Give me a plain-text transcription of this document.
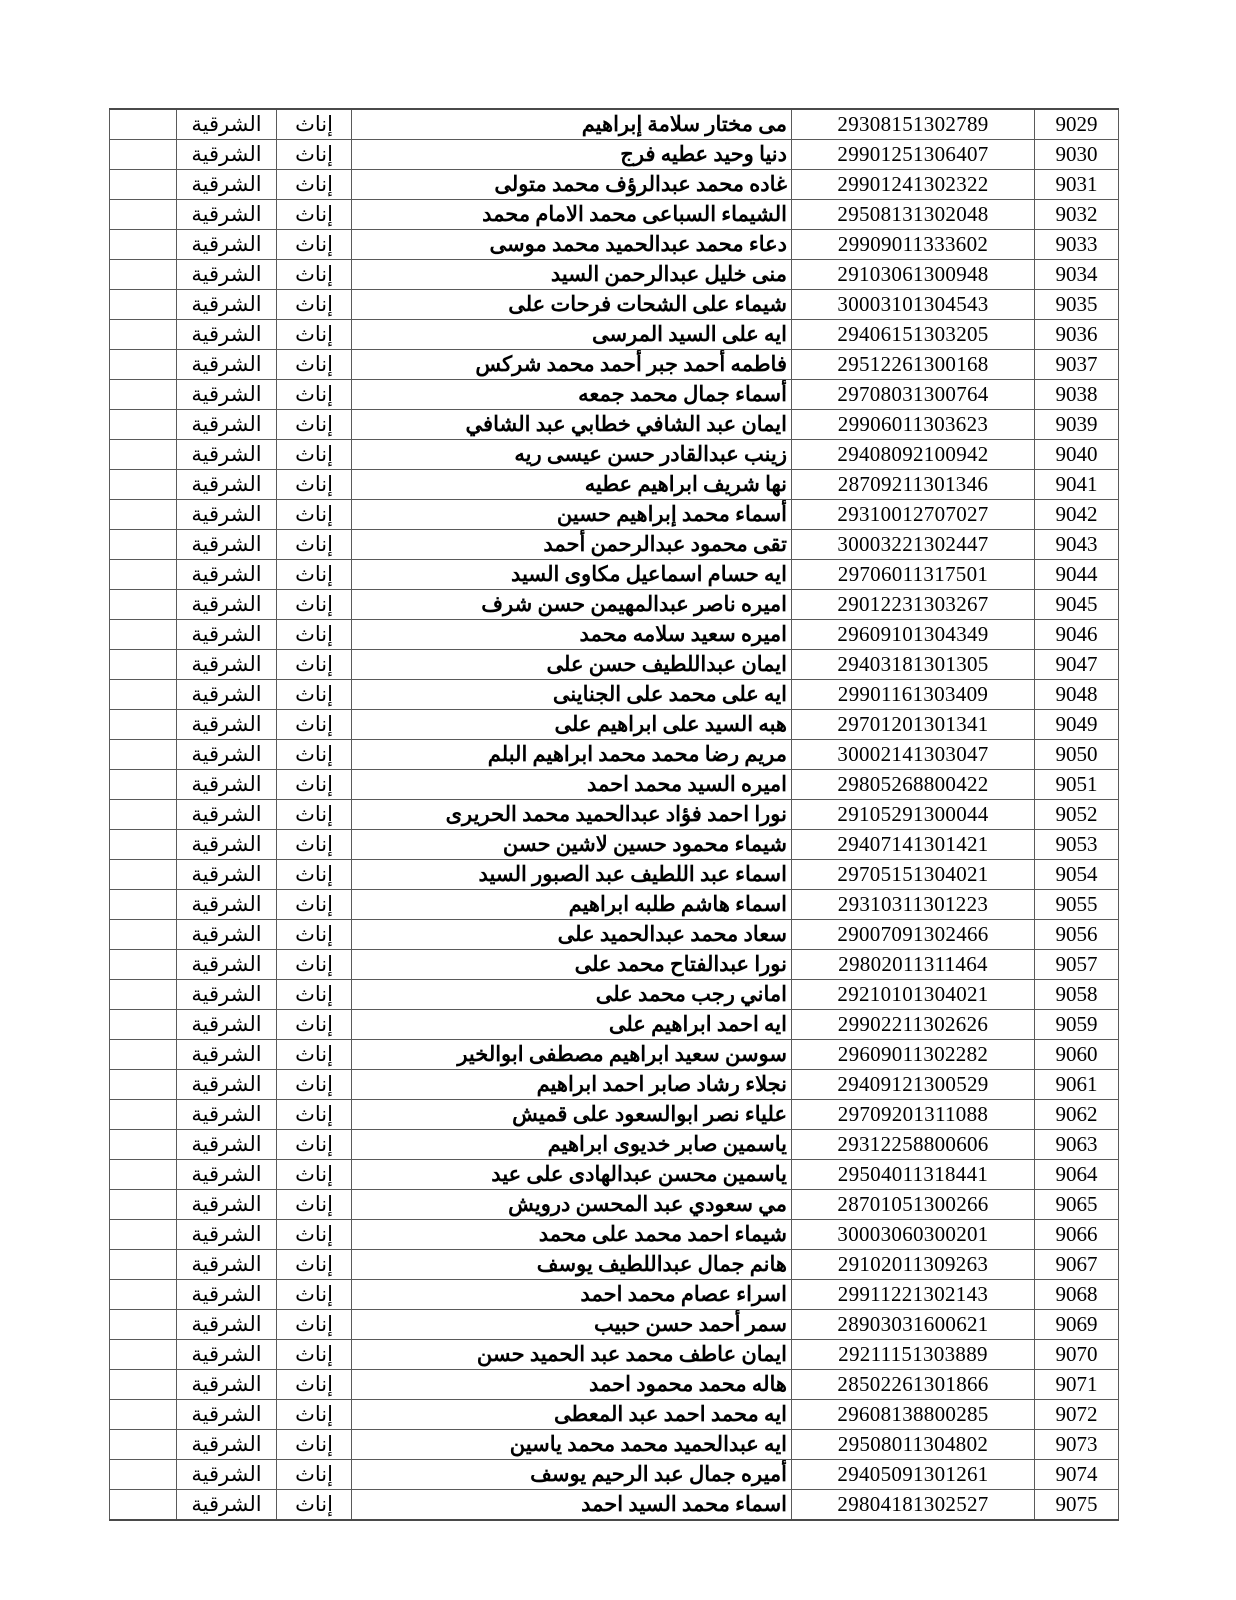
9029	29308151302789	مى مختار سلامة إبراهيم	إناث	الشرقية	
9030	29901251306407	دنيا وحيد عطيه فرج	إناث	الشرقية	
9031	29901241302322	غاده محمد عبدالرؤف محمد متولى	إناث	الشرقية	
9032	29508131302048	الشيماء السباعى محمد الامام محمد	إناث	الشرقية	
9033	29909011333602	دعاء محمد عبدالحميد محمد موسى	إناث	الشرقية	
9034	29103061300948	منى خليل عبدالرحمن السيد	إناث	الشرقية	
9035	30003101304543	شيماء على الشحات فرحات على	إناث	الشرقية	
9036	29406151303205	ايه على السيد المرسى	إناث	الشرقية	
9037	29512261300168	فاطمه أحمد جبر أحمد محمد شركس	إناث	الشرقية	
9038	29708031300764	أسماء جمال محمد جمعه	إناث	الشرقية	
9039	29906011303623	ايمان عبد الشافي خطابي عبد الشافي	إناث	الشرقية	
9040	29408092100942	زينب عبدالقادر حسن عيسى ريه	إناث	الشرقية	
9041	28709211301346	نها شريف ابراهيم عطيه	إناث	الشرقية	
9042	29310012707027	أسماء محمد إبراهيم حسين	إناث	الشرقية	
9043	30003221302447	تقى محمود عبدالرحمن أحمد	إناث	الشرقية	
9044	29706011317501	ايه حسام اسماعيل مكاوى السيد	إناث	الشرقية	
9045	29012231303267	اميره ناصر عبدالمهيمن حسن شرف	إناث	الشرقية	
9046	29609101304349	اميره سعيد سلامه محمد	إناث	الشرقية	
9047	29403181301305	ايمان عبداللطيف حسن على	إناث	الشرقية	
9048	29901161303409	ايه على محمد على الجناينى	إناث	الشرقية	
9049	29701201301341	هبه السيد على ابراهيم على	إناث	الشرقية	
9050	30002141303047	مريم رضا محمد محمد ابراهيم البلم	إناث	الشرقية	
9051	29805268800422	اميره السيد محمد احمد	إناث	الشرقية	
9052	29105291300044	نورا احمد فؤاد عبدالحميد محمد الحريرى	إناث	الشرقية	
9053	29407141301421	شيماء محمود حسين لاشين حسن	إناث	الشرقية	
9054	29705151304021	اسماء عبد اللطيف عبد الصبور السيد	إناث	الشرقية	
9055	29310311301223	اسماء هاشم طلبه ابراهيم	إناث	الشرقية	
9056	29007091302466	سعاد محمد عبدالحميد على	إناث	الشرقية	
9057	29802011311464	نورا عبدالفتاح محمد على	إناث	الشرقية	
9058	29210101304021	اماني رجب محمد على	إناث	الشرقية	
9059	29902211302626	ايه احمد ابراهيم على	إناث	الشرقية	
9060	29609011302282	سوسن سعيد ابراهيم مصطفى ابوالخير	إناث	الشرقية	
9061	29409121300529	نجلاء رشاد صابر احمد ابراهيم	إناث	الشرقية	
9062	29709201311088	علياء نصر ابوالسعود على قميش	إناث	الشرقية	
9063	29312258800606	ياسمين صابر خديوى ابراهيم	إناث	الشرقية	
9064	29504011318441	ياسمين محسن عبدالهادى على عيد	إناث	الشرقية	
9065	28701051300266	مي سعودي عبد المحسن درويش	إناث	الشرقية	
9066	30003060300201	شيماء احمد محمد على محمد	إناث	الشرقية	
9067	29102011309263	هانم جمال عبداللطيف يوسف	إناث	الشرقية	
9068	29911221302143	اسراء عصام محمد احمد	إناث	الشرقية	
9069	28903031600621	سمر أحمد حسن حبيب	إناث	الشرقية	
9070	29211151303889	ايمان عاطف محمد عبد الحميد حسن	إناث	الشرقية	
9071	28502261301866	هاله محمد محمود احمد	إناث	الشرقية	
9072	29608138800285	ايه محمد احمد عبد المعطى	إناث	الشرقية	
9073	29508011304802	ايه عبدالحميد محمد محمد ياسين	إناث	الشرقية	
9074	29405091301261	أميره جمال عبد الرحيم يوسف	إناث	الشرقية	
9075	29804181302527	اسماء محمد السيد احمد	إناث	الشرقية	
